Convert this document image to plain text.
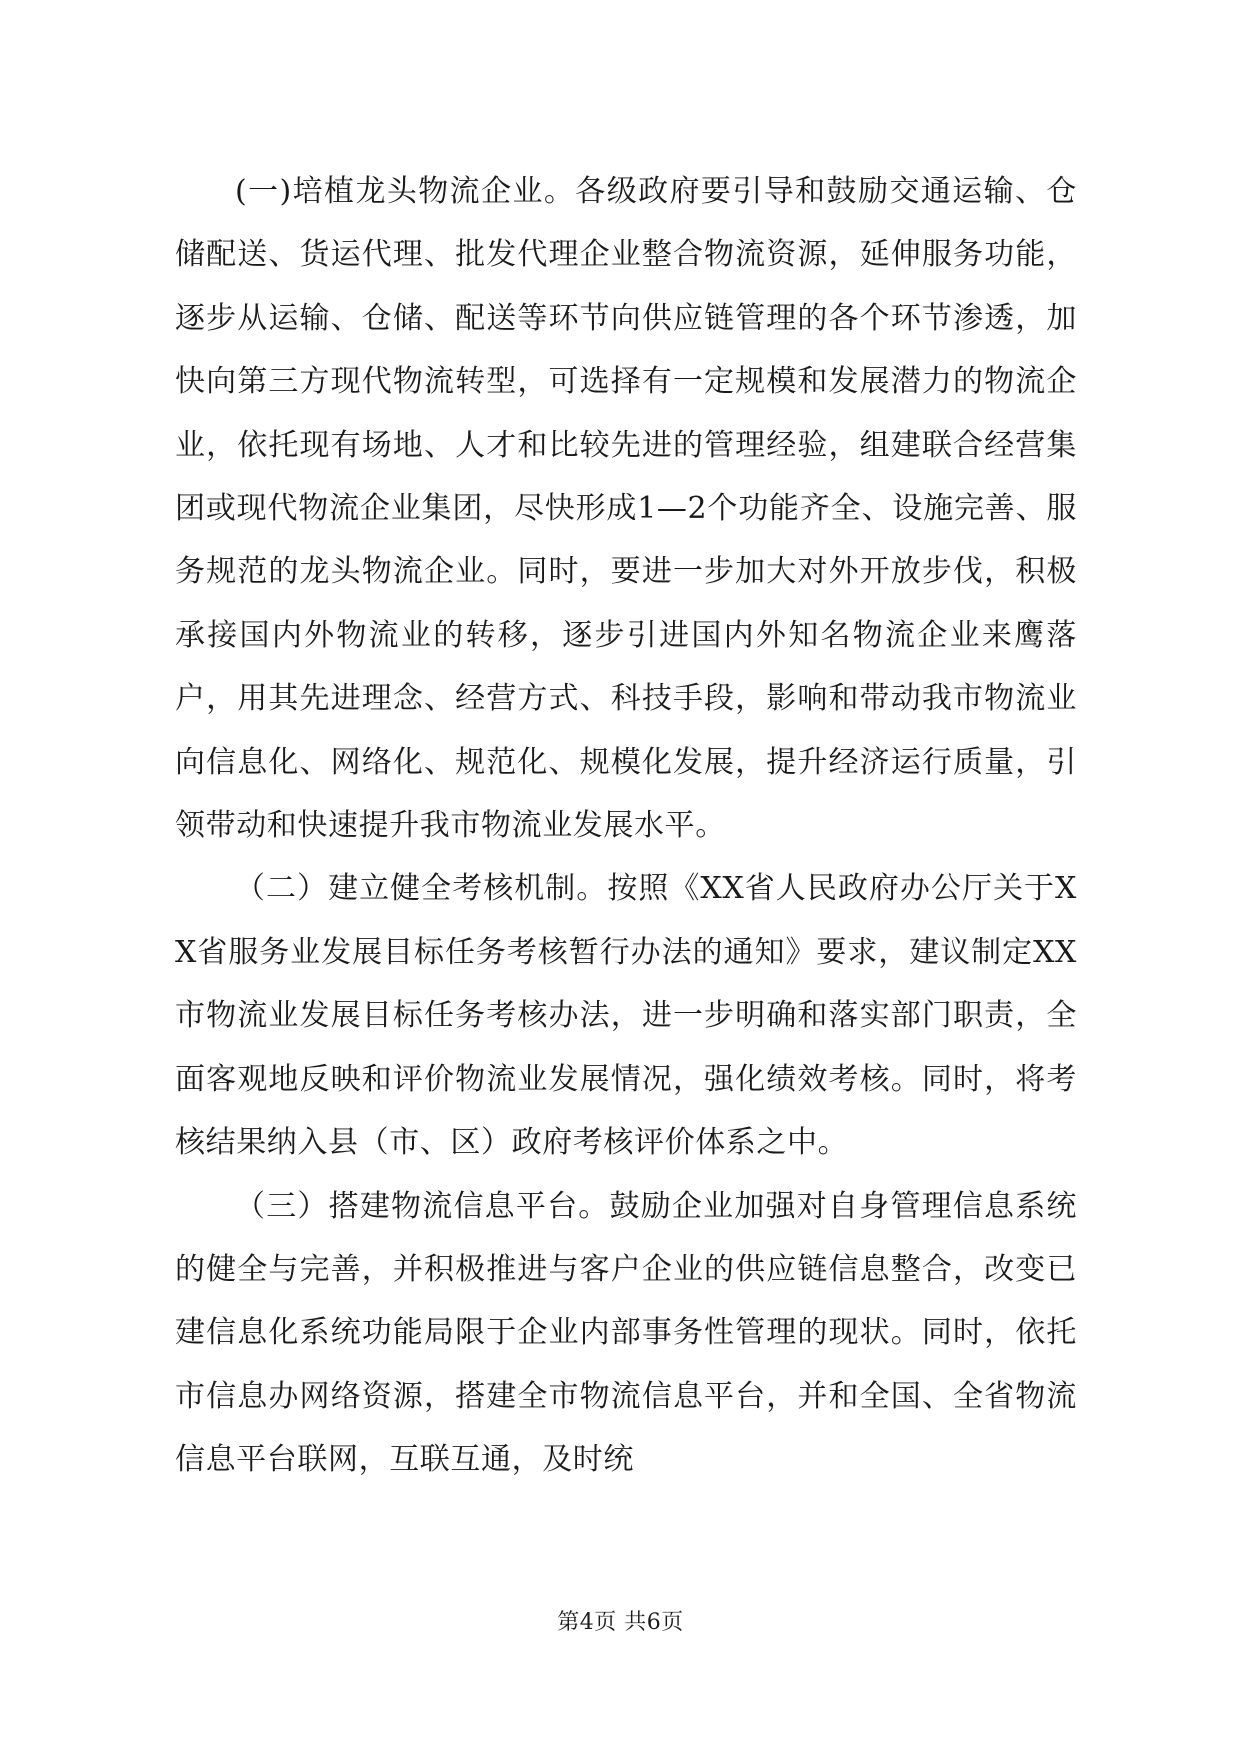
(一)培植龙头物流企业。各级政府要引导和鼓励交通运输、仓储配送、货运代理、批发代理企业整合物流资源，延伸服务功能，逐步从运输、仓储、配送等环节向供应链管理的各个环节渗透，加快向第三方现代物流转型，可选择有一定规模和发展潜力的物流企业，依托现有场地、人才和比较先进的管理经验，组建联合经营集团或现代物流企业集团，尽快形成1—2个功能齐全、设施完善、服务规范的龙头物流企业。同时，要进一步加大对外开放步伐，积极承接国内外物流业的转移，逐步引进国内外知名物流企业来鹰落户，用其先进理念、经营方式、科技手段，影响和带动我市物流业向信息化、网络化、规范化、规模化发展，提升经济运行质量，引领带动和快速提升我市物流业发展水平。

（二）建立健全考核机制。按照《XX省人民政府办公厅关于XX省服务业发展目标任务考核暂行办法的通知》要求，建议制定XX市物流业发展目标任务考核办法，进一步明确和落实部门职责，全面客观地反映和评价物流业发展情况，强化绩效考核。同时，将考核结果纳入县（市、区）政府考核评价体系之中。

（三）搭建物流信息平台。鼓励企业加强对自身管理信息系统的健全与完善，并积极推进与客户企业的供应链信息整合，改变已建信息化系统功能局限于企业内部事务性管理的现状。同时，依托市信息办网络资源，搭建全市物流信息平台，并和全国、全省物流信息平台联网，互联互通，及时统

第4页 共6页
